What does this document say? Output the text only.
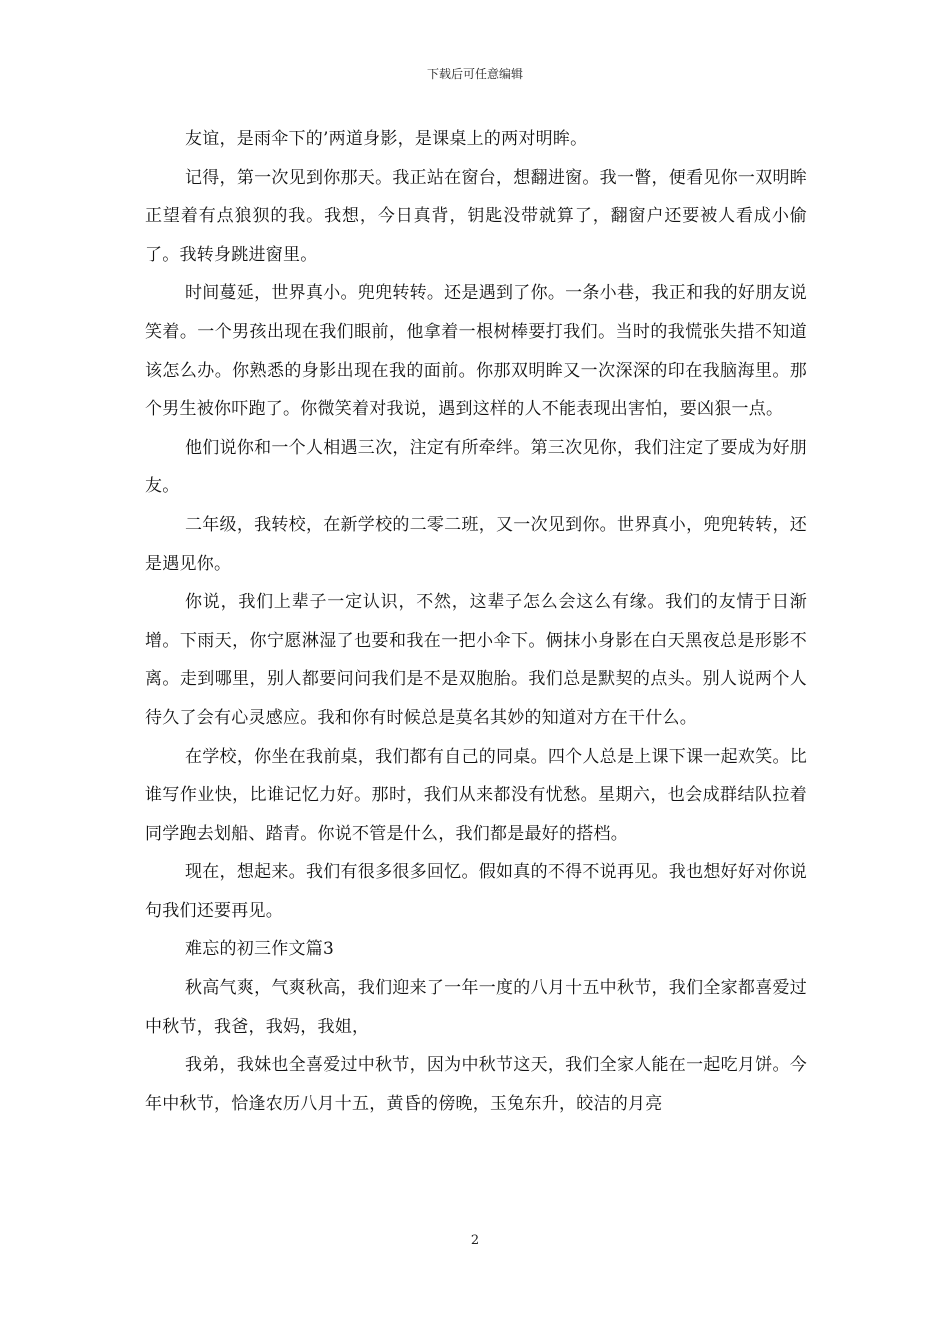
下载后可任意编辑

友谊，是雨伞下的’两道身影，是课桌上的两对明眸。

记得，第一次见到你那天。我正站在窗台，想翻进窗。我一瞥，便看见你一双明眸正望着有点狼狈的我。我想，今日真背，钥匙没带就算了，翻窗户还要被人看成小偷了。我转身跳进窗里。

时间蔓延，世界真小。兜兜转转。还是遇到了你。一条小巷，我正和我的好朋友说笑着。一个男孩出现在我们眼前，他拿着一根树棒要打我们。当时的我慌张失措不知道该怎么办。你熟悉的身影出现在我的面前。你那双明眸又一次深深的印在我脑海里。那个男生被你吓跑了。你微笑着对我说，遇到这样的人不能表现出害怕，要凶狠一点。

他们说你和一个人相遇三次，注定有所牵绊。第三次见你，我们注定了要成为好朋友。

二年级，我转校，在新学校的二零二班，又一次见到你。世界真小，兜兜转转，还是遇见你。

你说，我们上辈子一定认识，不然，这辈子怎么会这么有缘。我们的友情于日渐增。下雨天，你宁愿淋湿了也要和我在一把小伞下。俩抹小身影在白天黑夜总是形影不离。走到哪里，别人都要问问我们是不是双胞胎。我们总是默契的点头。别人说两个人待久了会有心灵感应。我和你有时候总是莫名其妙的知道对方在干什么。

在学校，你坐在我前桌，我们都有自己的同桌。四个人总是上课下课一起欢笑。比谁写作业快，比谁记忆力好。那时，我们从来都没有忧愁。星期六，也会成群结队拉着同学跑去划船、踏青。你说不管是什么，我们都是最好的搭档。

现在，想起来。我们有很多很多回忆。假如真的不得不说再见。我也想好好对你说句我们还要再见。

难忘的初三作文篇3

秋高气爽，气爽秋高，我们迎来了一年一度的八月十五中秋节，我们全家都喜爱过中秋节，我爸，我妈，我姐，

我弟，我妹也全喜爱过中秋节，因为中秋节这天，我们全家人能在一起吃月饼。今年中秋节，恰逢农历八月十五，黄昏的傍晚，玉兔东升，皎洁的月亮

2
